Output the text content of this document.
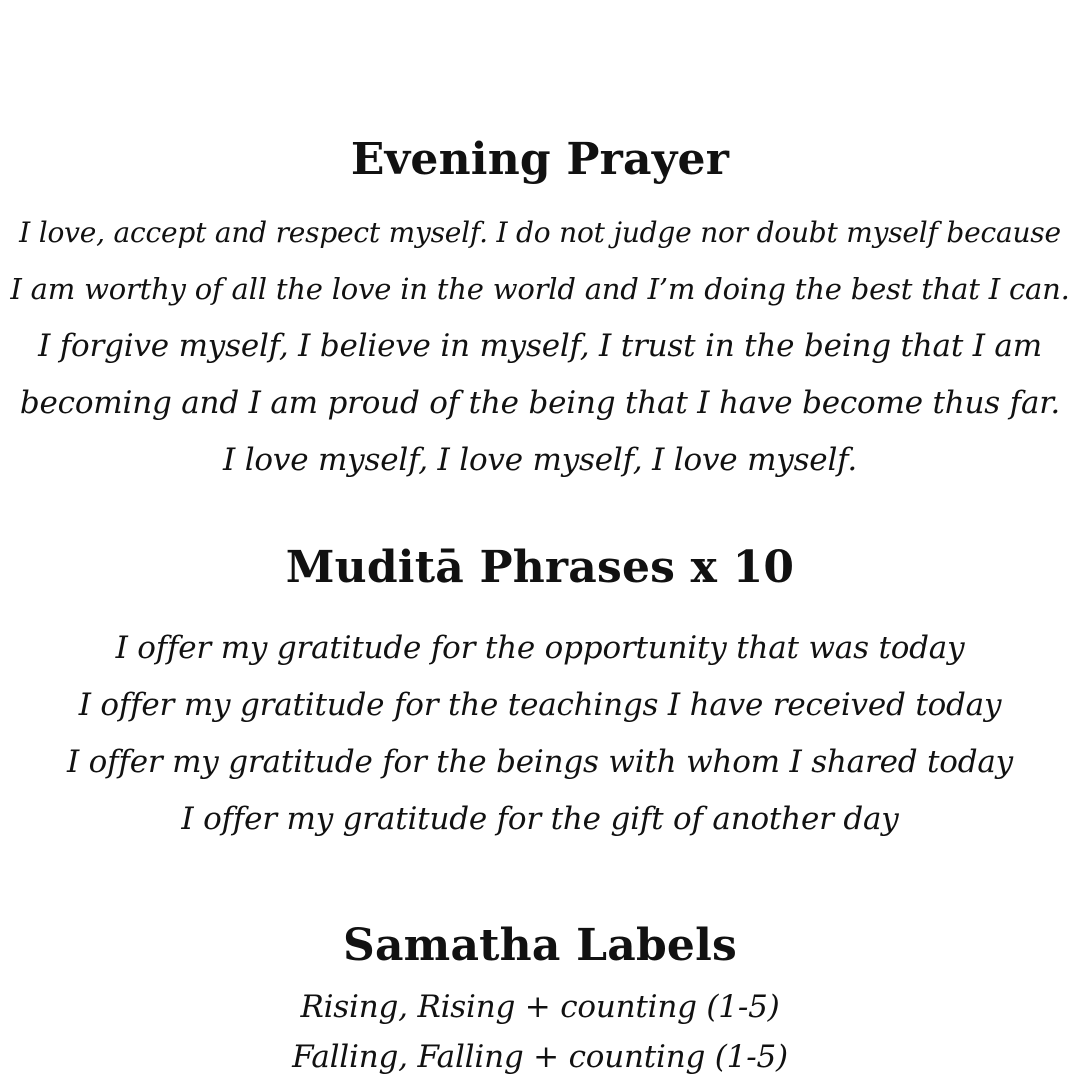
Evening Prayer
I love, accept and respect myself. I do not judge nor doubt myself because
I am worthy of all the love in the world and I’m doing the best that I can.
I forgive myself, I believe in myself, I trust in the being that I am
becoming and I am proud of the being that I have become thus far.
I love myself, I love myself, I love myself.
Muditā Phrases x 10
I offer my gratitude for the opportunity that was today
I offer my gratitude for the teachings I have received today
I offer my gratitude for the beings with whom I shared today
I offer my gratitude for the gift of another day
Samatha Labels
Rising, Rising + counting (1-5)
Falling, Falling + counting (1-5)
